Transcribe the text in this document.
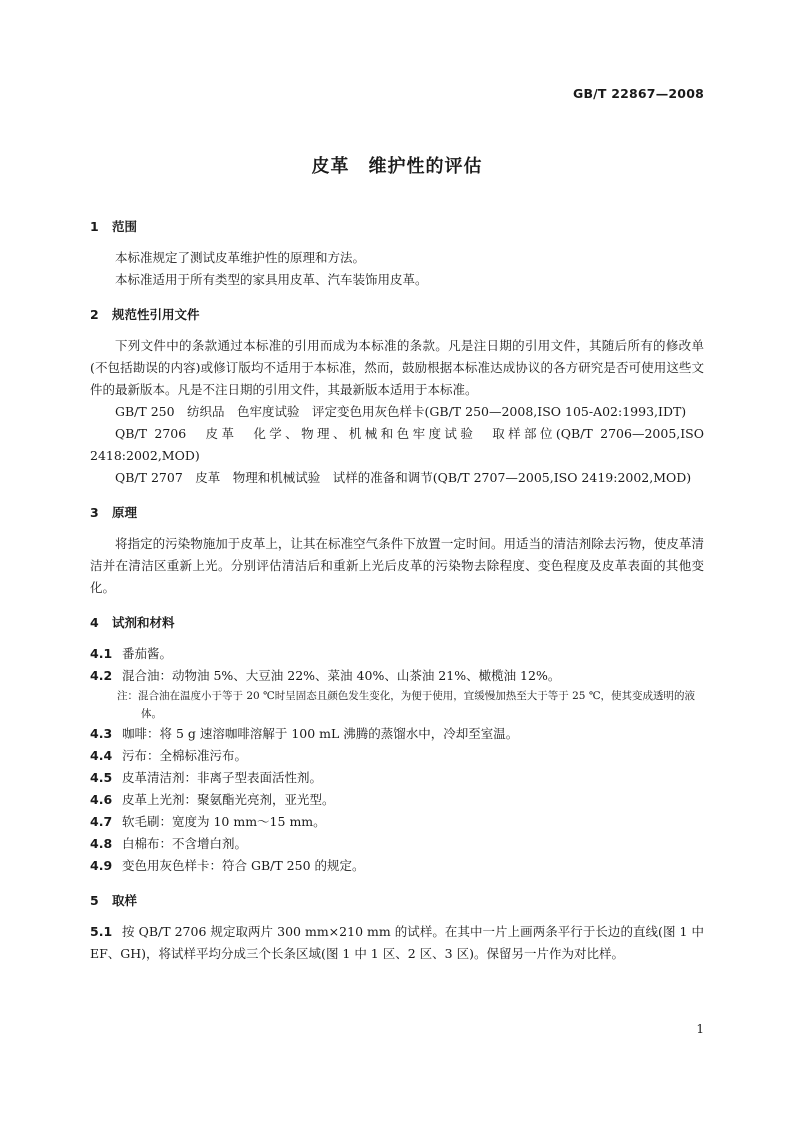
GB/T 22867—2008
皮革　维护性的评估
1 范围

本标准规定了测试皮革维护性的原理和方法。

本标准适用于所有类型的家具用皮革、汽车装饰用皮革。

2 规范性引用文件

下列文件中的条款通过本标准的引用而成为本标准的条款。凡是注日期的引用文件，其随后所有的修改单(不包括勘误的内容)或修订版均不适用于本标准，然而，鼓励根据本标准达成协议的各方研究是否可使用这些文件的最新版本。凡是不注日期的引用文件，其最新版本适用于本标准。

GB/T 250　纺织品　色牢度试验　评定变色用灰色样卡(GB/T 250—2008,ISO 105-A02:1993,IDT)

QB/T 2706　皮革　化学、物理、机械和色牢度试验　取样部位(QB/T 2706—2005,ISO 2418:2002,MOD)

QB/T 2707　皮革　物理和机械试验　试样的准备和调节(QB/T 2707—2005,ISO 2419:2002,MOD)

3 原理

将指定的污染物施加于皮革上，让其在标准空气条件下放置一定时间。用适当的清洁剂除去污物，使皮革清洁并在清洁区重新上光。分别评估清洁后和重新上光后皮革的污染物去除程度、变色程度及皮革表面的其他变化。

4 试剂和材料

4.1 番茄酱。

4.2 混合油：动物油 5%、大豆油 22%、菜油 40%、山茶油 21%、橄榄油 12%。

注：混合油在温度小于等于 20 ℃时呈固态且颜色发生变化，为便于使用，宜缓慢加热至大于等于 25 ℃，使其变成透明的液体。

4.3 咖啡：将 5 g 速溶咖啡溶解于 100 mL 沸腾的蒸馏水中，冷却至室温。

4.4 污布：全棉标准污布。

4.5 皮革清洁剂：非离子型表面活性剂。

4.6 皮革上光剂：聚氨酯光亮剂，亚光型。

4.7 软毛刷：宽度为 10 mm～15 mm。

4.8 白棉布：不含增白剂。

4.9 变色用灰色样卡：符合 GB/T 250 的规定。

5 取样

5.1 按 QB/T 2706 规定取两片 300 mm×210 mm 的试样。在其中一片上画两条平行于长边的直线(图 1 中 EF、GH)，将试样平均分成三个长条区域(图 1 中 1 区、2 区、3 区)。保留另一片作为对比样。

1
